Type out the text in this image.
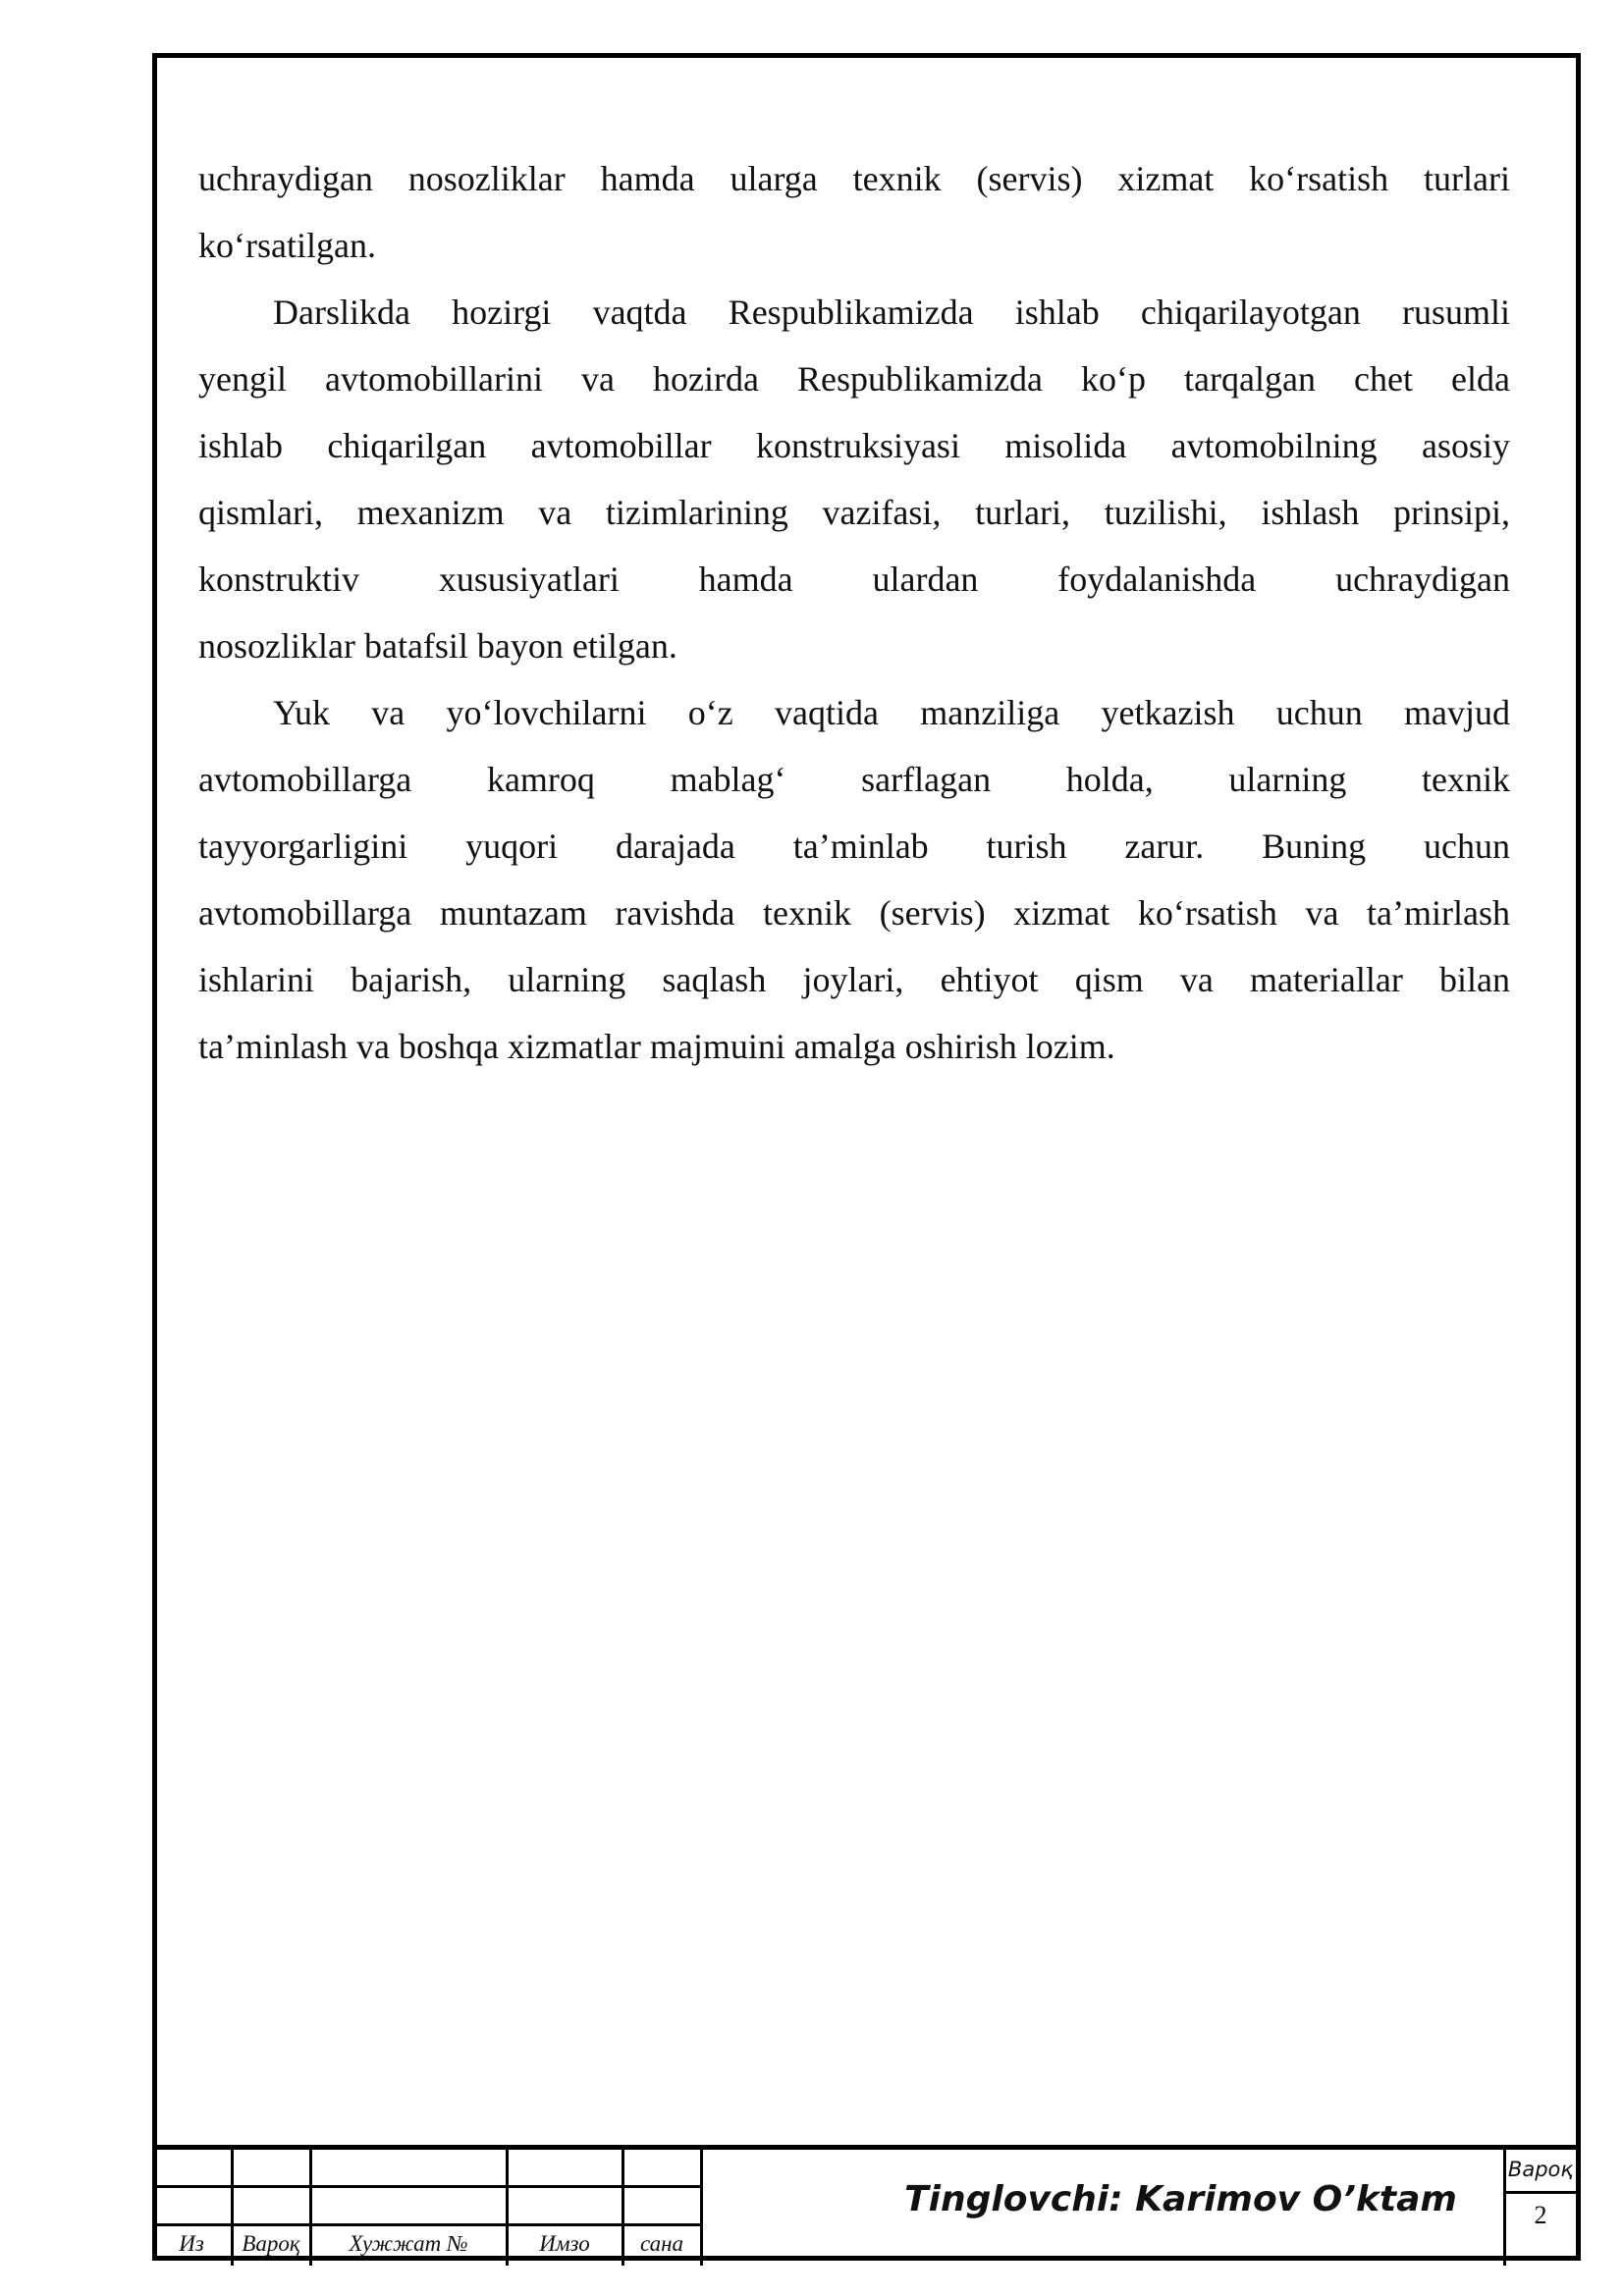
uchraydigan nosozliklar hamda ularga texnik (servis) xizmat ko‘rsatish turlari
ko‘rsatilgan.
Darslikda hozirgi vaqtda Respublikamizda ishlab chiqarilayotgan rusumli
yengil avtomobillarini va hozirda Respublikamizda ko‘p tarqalgan chet elda
ishlab chiqarilgan avtomobillar konstruksiyasi misolida avtomobilning asosiy
qismlari, mexanizm va tizimlarining vazifasi, turlari, tuzilishi, ishlash prinsipi,
konstruktiv xususiyatlari hamda ulardan foydalanishda uchraydigan
nosozliklar batafsil bayon etilgan.
Yuk va yo‘lovchilarni o‘z vaqtida manziliga yetkazish uchun mavjud
avtomobillarga kamroq mablag‘ sarflagan holda, ularning texnik
tayyorgarligini yuqori darajada ta’minlab turish zarur. Buning uchun
avtomobillarga muntazam ravishda texnik (servis) xizmat ko‘rsatish va ta’mirlash
ishlarini bajarish, ularning saqlash joylari, ehtiyot qism va materiallar bilan
ta’minlash va boshqa xizmatlar majmuini amalga oshirish lozim.
Из	Вароқ	Хужжат №	Имзо	сана
Tinglovchi: Karimov O’ktam
Вароқ
2
